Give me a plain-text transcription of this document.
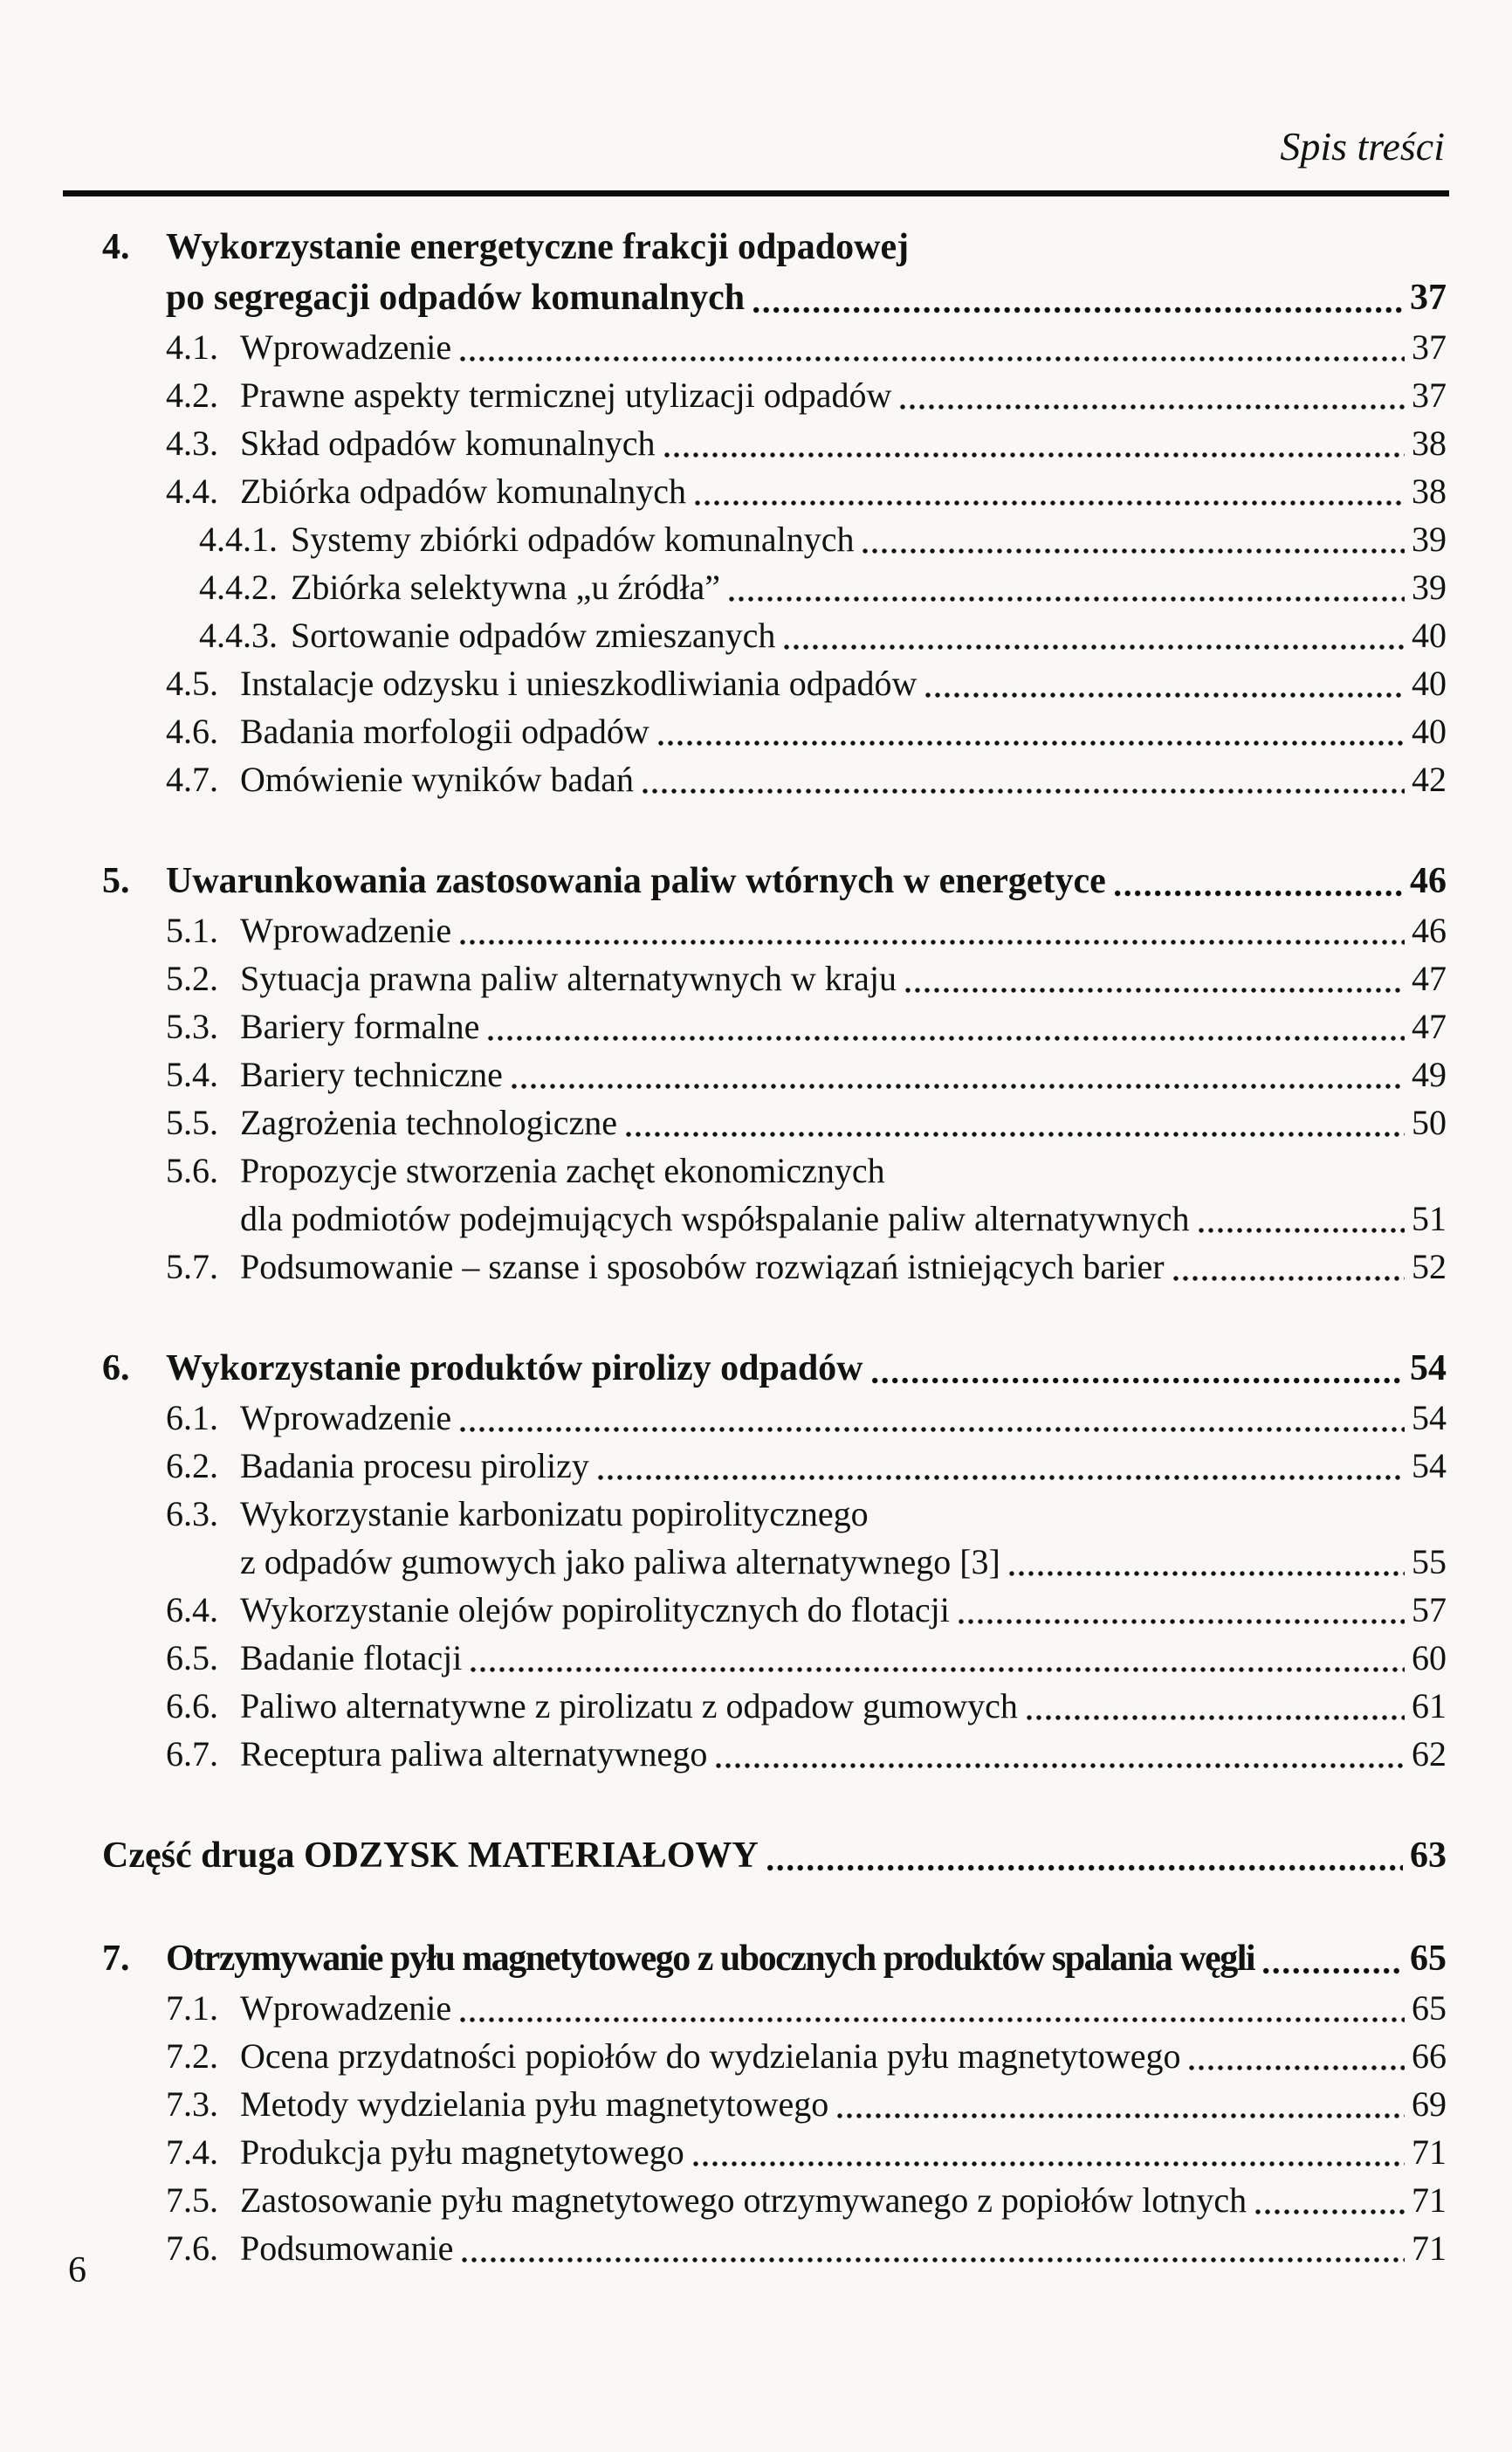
Spis treści
4. Wykorzystanie energetyczne frakcji odpadowej
po segregacji odpadów komunalnych	37
4.1. Wprowadzenie	37
4.2. Prawne aspekty termicznej utylizacji odpadów	37
4.3. Skład odpadów komunalnych	38
4.4. Zbiórka odpadów komunalnych	38
4.4.1. Systemy zbiórki odpadów komunalnych	39
4.4.2. Zbiórka selektywna „u źródła”	39
4.4.3. Sortowanie odpadów zmieszanych	40
4.5. Instalacje odzysku i unieszkodliwiania odpadów	40
4.6. Badania morfologii odpadów	40
4.7. Omówienie wyników badań	42
5. Uwarunkowania zastosowania paliw wtórnych w energetyce	46
5.1. Wprowadzenie	46
5.2. Sytuacja prawna paliw alternatywnych w kraju	47
5.3. Bariery formalne	47
5.4. Bariery techniczne	49
5.5. Zagrożenia technologiczne	50
5.6. Propozycje stworzenia zachęt ekonomicznych
dla podmiotów podejmujących współspalanie paliw alternatywnych	51
5.7. Podsumowanie – szanse i sposobów rozwiązań istniejących barier	52
6. Wykorzystanie produktów pirolizy odpadów	54
6.1. Wprowadzenie	54
6.2. Badania procesu pirolizy	54
6.3. Wykorzystanie karbonizatu popirolitycznego
z odpadów gumowych jako paliwa alternatywnego [3]	55
6.4. Wykorzystanie olejów popirolitycznych do flotacji	57
6.5. Badanie flotacji	60
6.6. Paliwo alternatywne z pirolizatu z odpadow gumowych	61
6.7. Receptura paliwa alternatywnego	62
Część druga ODZYSK MATERIAŁOWY	63
7. Otrzymywanie pyłu magnetytowego z ubocznych produktów spalania węgli	65
7.1. Wprowadzenie	65
7.2. Ocena przydatności popiołów do wydzielania pyłu magnetytowego	66
7.3. Metody wydzielania pyłu magnetytowego	69
7.4. Produkcja pyłu magnetytowego	71
7.5. Zastosowanie pyłu magnetytowego otrzymywanego z popiołów lotnych	71
7.6. Podsumowanie	71
6
